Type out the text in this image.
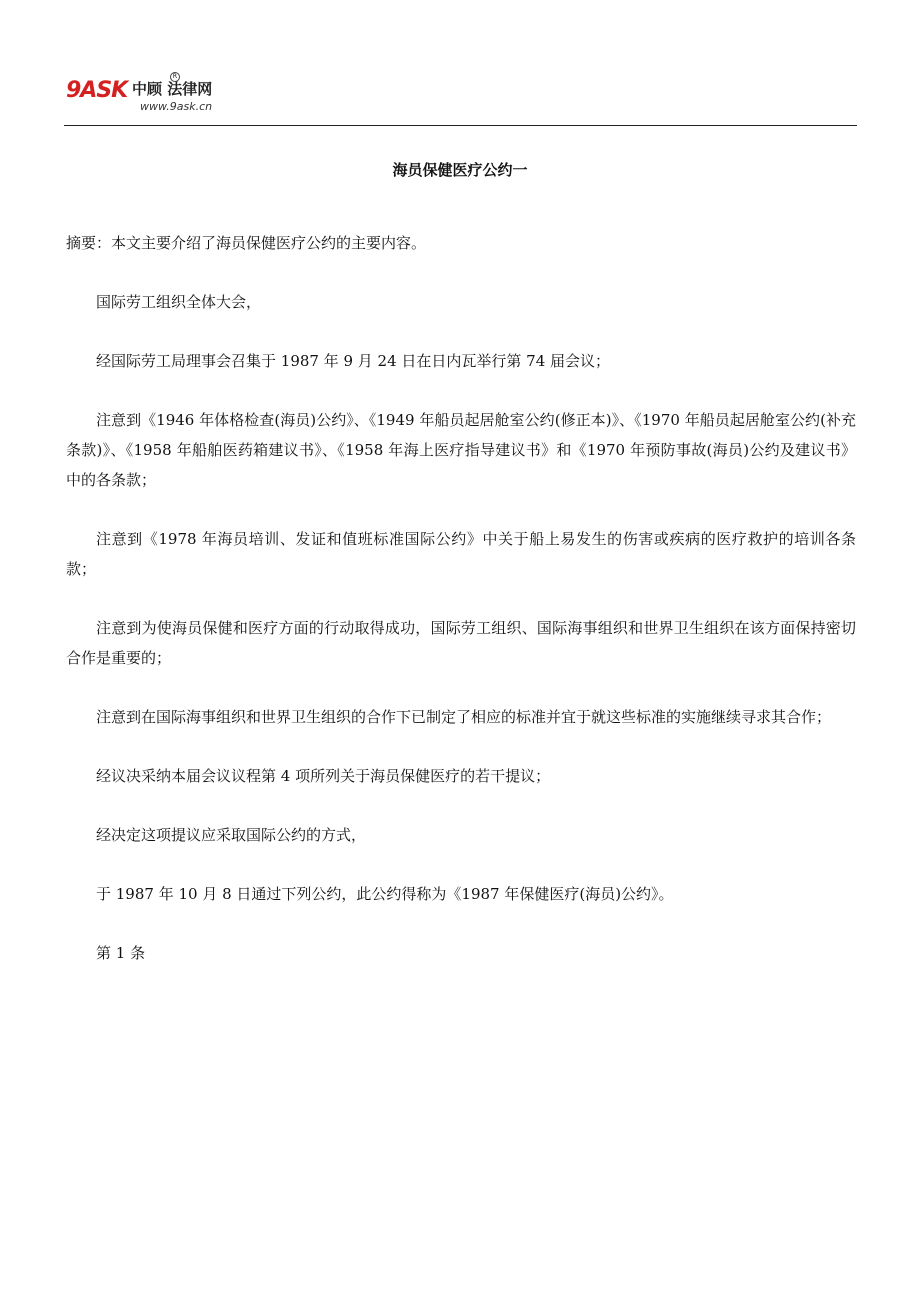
9ASK 中顾 法律网
R
www.9ask.cn
海员保健医疗公约一

摘要：本文主要介绍了海员保健医疗公约的主要内容。

国际劳工组织全体大会，

经国际劳工局理事会召集于 1987 年 9 月 24 日在日内瓦举行第 74 届会议；

注意到《1946 年体格检查(海员)公约》、《1949 年船员起居舱室公约(修正本)》、《1970 年船员起居舱室公约(补充条款)》、《1958 年船舶医药箱建议书》、《1958 年海上医疗指导建议书》和《1970 年预防事故(海员)公约及建议书》中的各条款；

注意到《1978 年海员培训、发证和值班标准国际公约》中关于船上易发生的伤害或疾病的医疗救护的培训各条款；

注意到为使海员保健和医疗方面的行动取得成功，国际劳工组织、国际海事组织和世界卫生组织在该方面保持密切合作是重要的；

注意到在国际海事组织和世界卫生组织的合作下已制定了相应的标准并宜于就这些标准的实施继续寻求其合作；

经议决采纳本届会议议程第 4 项所列关于海员保健医疗的若干提议；

经决定这项提议应采取国际公约的方式，

于 1987 年 10 月 8 日通过下列公约，此公约得称为《1987 年保健医疗(海员)公约》。

第 1 条
